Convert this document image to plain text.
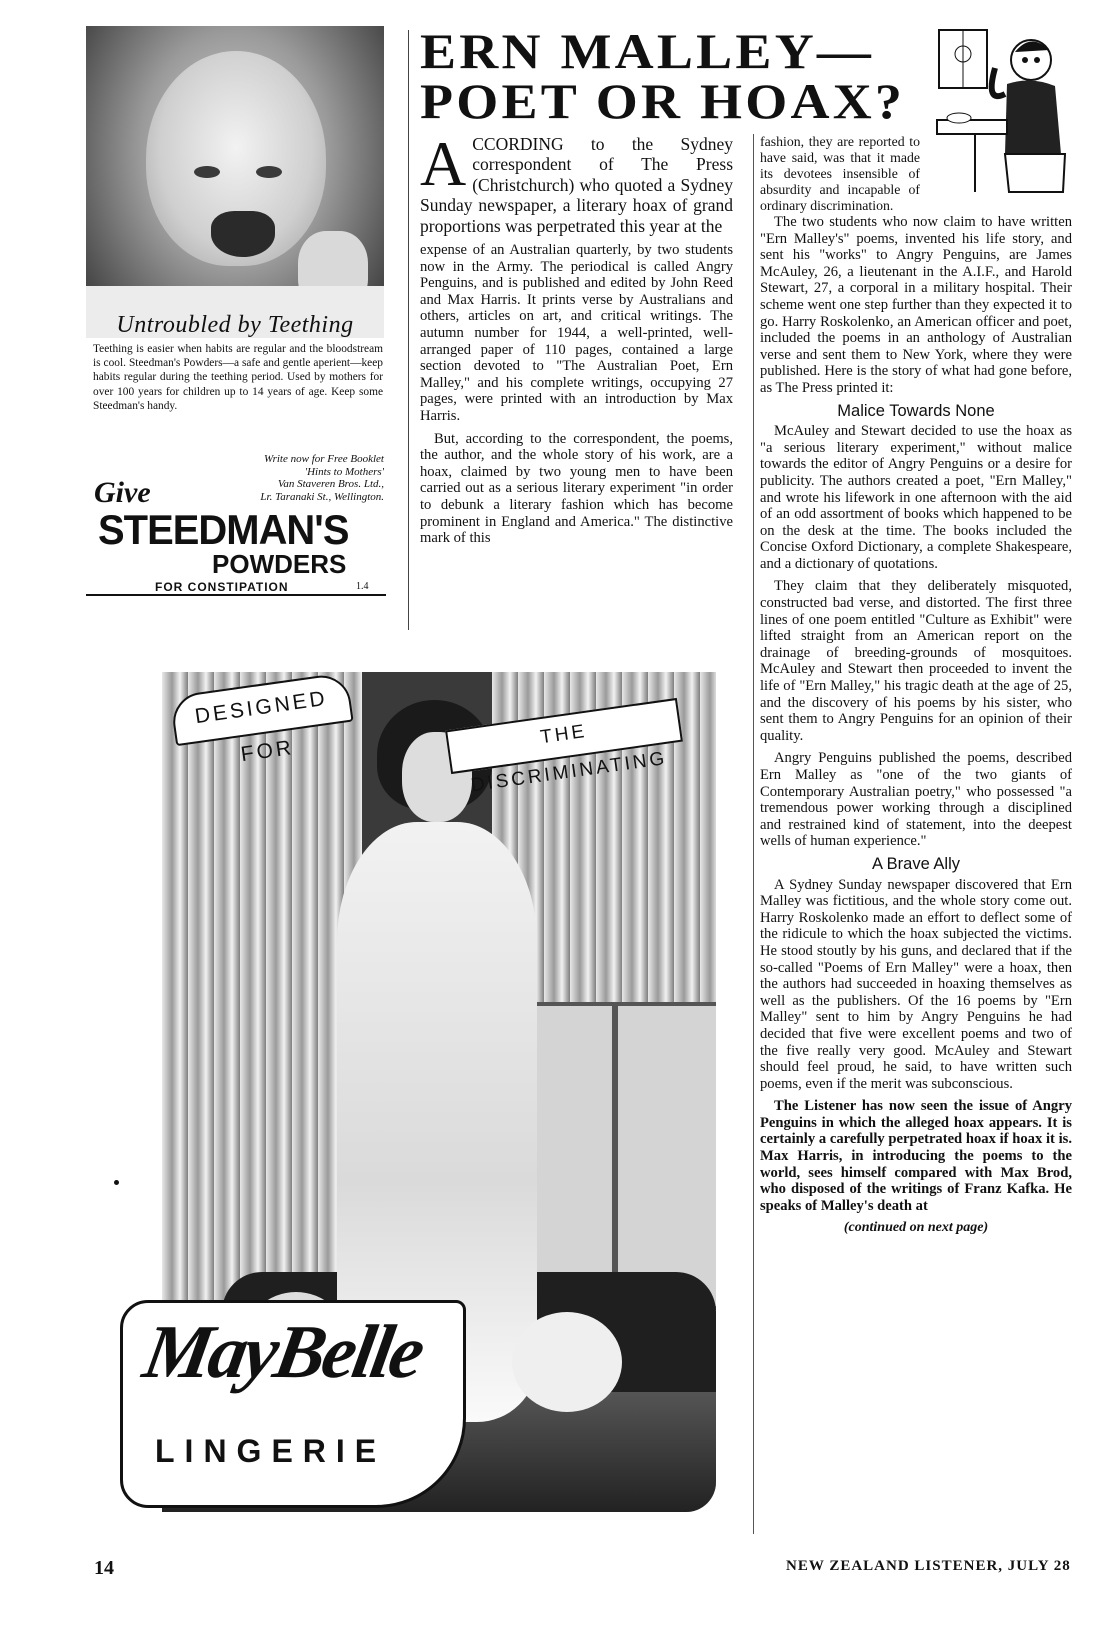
Untroubled by Teething
Teething is easier when habits are regular and the bloodstream is cool. Steedman's Powders—a safe and gentle aperient—keep habits regular during the teething period. Used by mothers for over 100 years for children up to 14 years of age. Keep some Steedman's handy.
Write now for Free Booklet
'Hints to Mothers'
Van Staveren Bros. Ltd.,
Lr. Taranaki St., Wellington.
Give
STEEDMAN'S
POWDERS
FOR CONSTIPATION	1.4
ERN MALLEY—
POET OR HOAX?

ACCORDING to the Sydney correspondent of The Press (Christchurch) who quoted a Sydney Sunday newspaper, a literary hoax of grand proportions was perpetrated this year at the

expense of an Australian quarterly, by two students now in the Army. The periodical is called Angry Penguins, and is published and edited by John Reed and Max Harris. It prints verse by Australians and others, articles on art, and critical writings. The autumn number for 1944, a well-printed, well-arranged paper of 110 pages, contained a large section devoted to "The Australian Poet, Ern Malley," and his complete writings, occupying 27 pages, were printed with an introduction by Max Harris.

But, according to the correspondent, the poems, the author, and the whole story of his work, are a hoax, claimed by two young men to have been carried out as a serious literary experiment "in order to debunk a literary fashion which has become prominent in England and America." The distinctive mark of this

fashion, they are reported to have said, was that it made its devotees insensible of absurdity and incapable of ordinary discrimination.

The two students who now claim to have written "Ern Malley's" poems, invented his life story, and sent his "works" to Angry Penguins, are James McAuley, 26, a lieutenant in the A.I.F., and Harold Stewart, 27, a corporal in a military hospital. Their scheme went one step further than they expected it to go. Harry Roskolenko, an American officer and poet, included the poems in an anthology of Australian verse and sent them to New York, where they were published. Here is the story of what had gone before, as The Press printed it:

Malice Towards None

McAuley and Stewart decided to use the hoax as "a serious literary experiment," without malice towards the editor of Angry Penguins or a desire for publicity. The authors created a poet, "Ern Malley," and wrote his lifework in one afternoon with the aid of an odd assortment of books which happened to be on the desk at the time. The books included the Concise Oxford Dictionary, a complete Shakespeare, and a dictionary of quotations.

They claim that they deliberately misquoted, constructed bad verse, and distorted. The first three lines of one poem entitled "Culture as Exhibit" were lifted straight from an American report on the drainage of breeding-grounds of mosquitoes. McAuley and Stewart then proceeded to invent the life of "Ern Malley," his tragic death at the age of 25, and the discovery of his poems by his sister, who sent them to Angry Penguins for an opinion of their quality.

Angry Penguins published the poems, described Ern Malley as "one of the two giants of Contemporary Australian poetry," who possessed "a tremendous power working through a disciplined and restrained kind of statement, into the deepest wells of human experience."

A Brave Ally

A Sydney Sunday newspaper discovered that Ern Malley was fictitious, and the whole story come out. Harry Roskolenko made an effort to deflect some of the ridicule to which the hoax subjected the victims. He stood stoutly by his guns, and declared that if the so-called "Poems of Ern Malley" were a hoax, then the authors had succeeded in hoaxing themselves as well as the publishers. Of the 16 poems by "Ern Malley" sent to him by Angry Penguins he had decided that five were excellent poems and two of the five really very good. McAuley and Stewart should feel proud, he said, to have written such poems, even if the merit was subconscious.

The Listener has now seen the issue of Angry Penguins in which the alleged hoax appears. It is certainly a carefully perpetrated hoax if hoax it is. Max Harris, in introducing the poems to the world, sees himself compared with Max Brod, who disposed of the writings of Franz Kafka. He speaks of Malley's death at

(continued on next page)
DESIGNED FOR
THE DISCRIMINATING
MayBelle
LINGERIE
14	NEW ZEALAND LISTENER, JULY 28
